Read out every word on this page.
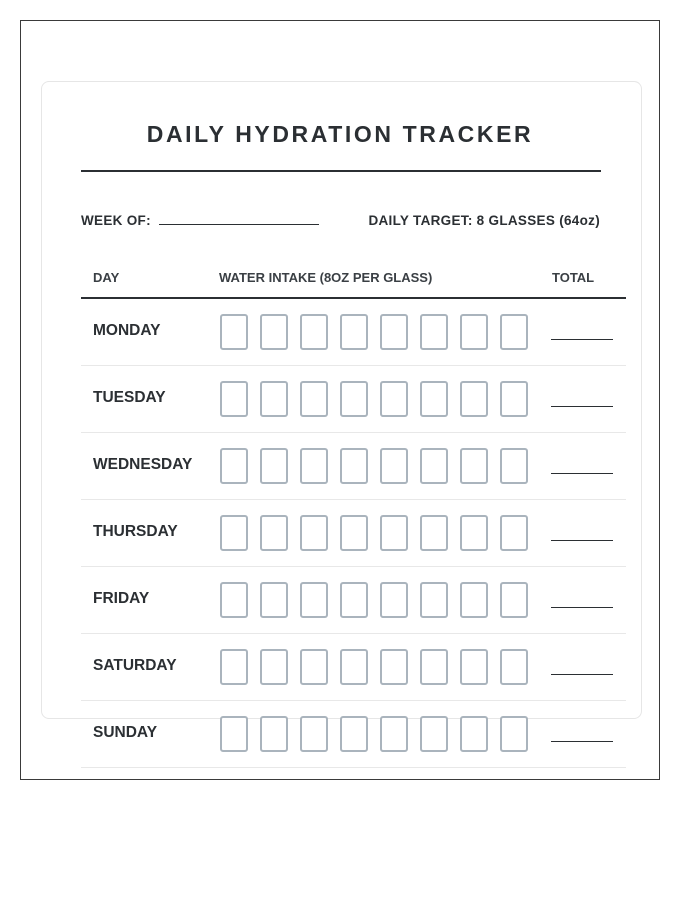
DAILY HYDRATION TRACKER
WEEK OF:	DAILY TARGET: 8 GLASSES (64oz)
DAY	WATER INTAKE (8OZ PER GLASS)	TOTAL
MONDAY
TUESDAY
WEDNESDAY
THURSDAY
FRIDAY
SATURDAY
SUNDAY
